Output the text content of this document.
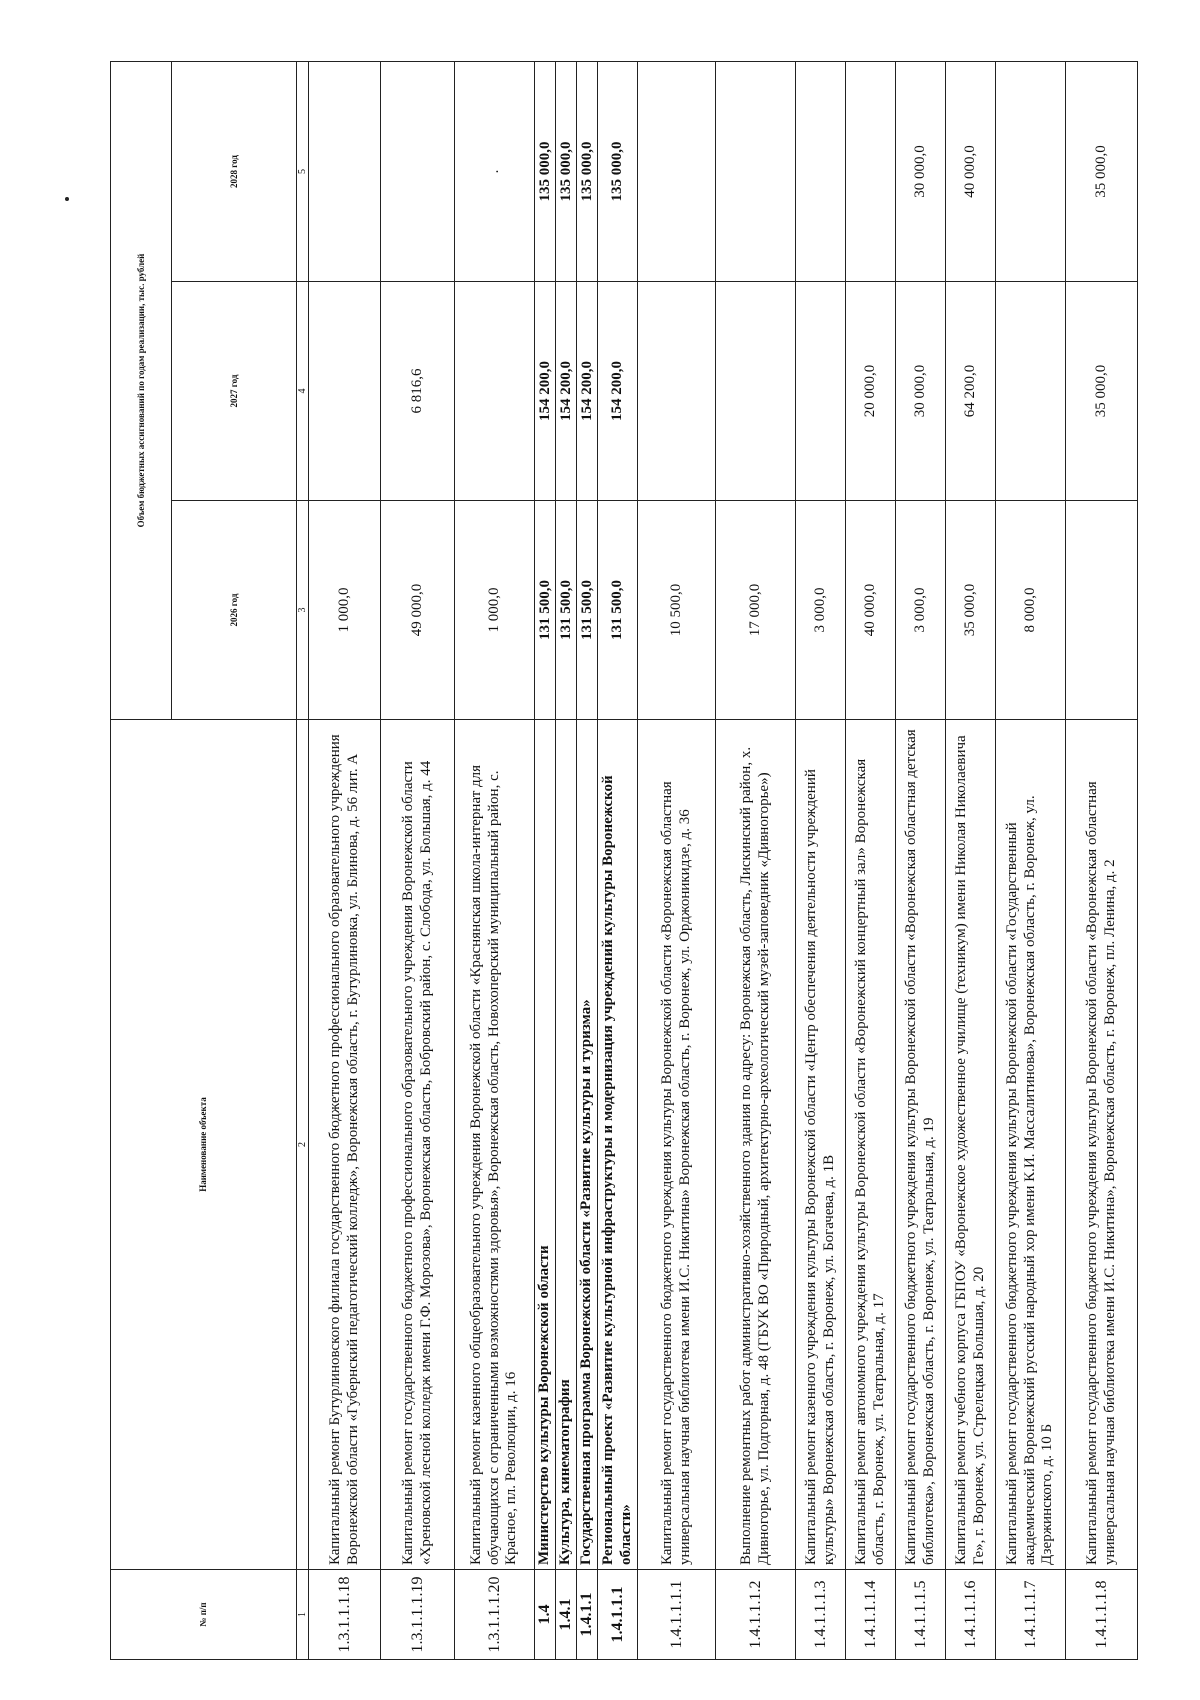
№ п/п	Наименование объекта	Объем бюджетных ассигнований по годам реализации, тыс. рублей		
		2026 год	2027 год	2028 год
1	2	3	4	5
1.3.1.1.1.18	Капитальный ремонт Бутурлиновского филиала государственного бюджетного профессионального образовательного учреждения Воронежской области «Губернский педагогический колледж», Воронежская область, г. Бутурлиновка, ул. Блинова, д. 56 лит. А	1 000,0		
1.3.1.1.1.19	Капитальный ремонт государственного бюджетного профессионального образовательного учреждения Воронежской области «Хреновской лесной колледж имени Г.Ф. Морозова», Воронежская область, Бобровский район, с. Слобода, ул. Большая, д. 44	49 000,0	6 816,6	
1.3.1.1.1.20	Капитальный ремонт казенного общеобразовательного учреждения Воронежской области «Краснянская школа-интернат для обучающихся с ограниченными возможностями здоровья», Воронежская область, Новохоперский муниципальный район, с. Красное, пл. Революции, д. 16	1 000,0		.
1.4	Министерство культуры Воронежской области	131 500,0	154 200,0	135 000,0
1.4.1	Культура, кинематография	131 500,0	154 200,0	135 000,0
1.4.1.1	Государственная программа Воронежской области «Развитие культуры и туризма»	131 500,0	154 200,0	135 000,0
1.4.1.1.1	Региональный проект «Развитие культурной инфраструктуры и модернизация учреждений культуры Воронежской области»	131 500,0	154 200,0	135 000,0
1.4.1.1.1.1	Капитальный ремонт государственного бюджетного учреждения культуры Воронежской области «Воронежская областная универсальная научная библиотека имени И.С. Никитина» Воронежская область, г. Воронеж, ул. Орджоникидзе, д. 36	10 500,0		
1.4.1.1.1.2	Выполнение ремонтных работ административно-хозяйственного здания по адресу: Воронежская область, Лискинский район, х. Дивногорье, ул. Подгорная, д. 48 (ГБУК ВО «Природный, архитектурно-археологический музей-заповедник «Дивногорье»)	17 000,0		
1.4.1.1.1.3	Капитальный ремонт казенного учреждения культуры Воронежской области «Центр обеспечения деятельности учреждений культуры» Воронежская область, г. Воронеж, ул. Богачева, д. 1В	3 000,0		
1.4.1.1.1.4	Капитальный ремонт автономного учреждения культуры Воронежской области «Воронежский концертный зал» Воронежская область, г. Воронеж, ул. Театральная, д. 17	40 000,0	20 000,0	
1.4.1.1.1.5	Капитальный ремонт государственного бюджетного учреждения культуры Воронежской области «Воронежская областная детская библиотека», Воронежская область, г. Воронеж, ул. Театральная, д. 19	3 000,0	30 000,0	30 000,0
1.4.1.1.1.6	Капитальный ремонт учебного корпуса ГБПОУ «Воронежское художественное училище (техникум) имени Николая Николаевича Ге», г. Воронеж, ул. Стрелецкая Большая, д. 20	35 000,0	64 200,0	40 000,0
1.4.1.1.1.7	Капитальный ремонт государственного бюджетного учреждения культуры Воронежской области «Государственный академический Воронежский русский народный хор имени К.И. Массалитинова», Воронежская область, г. Воронеж, ул. Дзержинского, д. 10 Б	8 000,0		
1.4.1.1.1.8	Капитальный ремонт государственного бюджетного учреждения культуры Воронежской области «Воронежская областная универсальная научная библиотека имени И.С. Никитина», Воронежская область, г. Воронеж, пл. Ленина, д. 2		35 000,0	35 000,0
